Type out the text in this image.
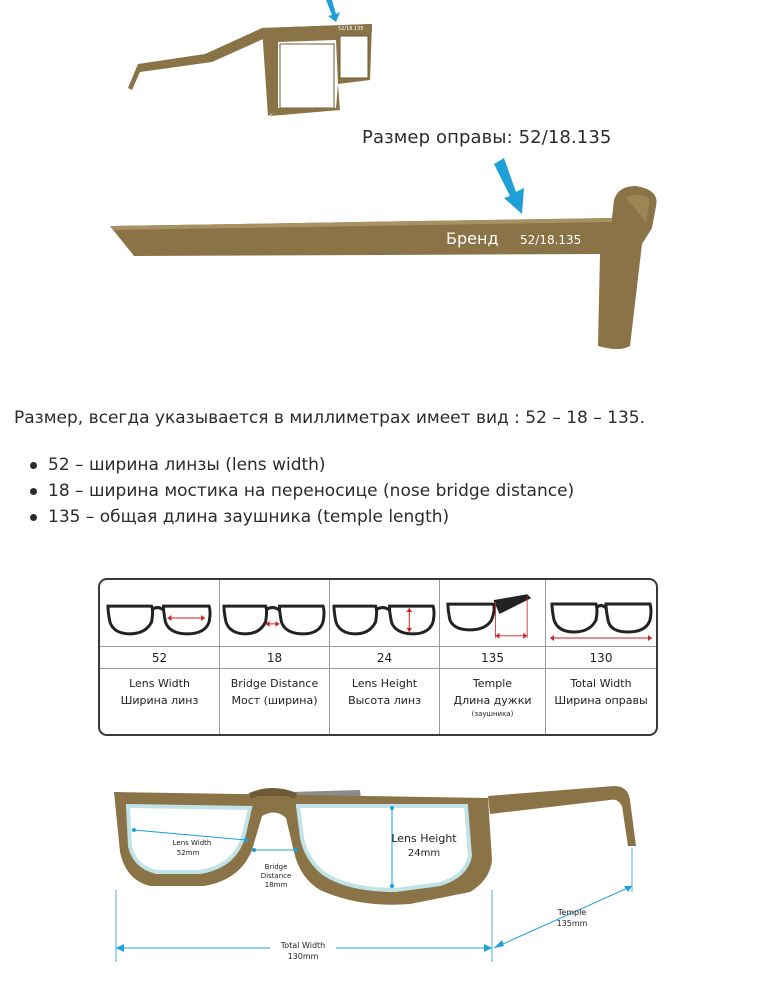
52/18.135
Бренд 52/18.135
Размер оправы: 52/18.135
Размер, всегда указывается в миллиметрах имеет вид : 52 – 18 – 135.
52 – ширина линзы (lens width)
18 – ширина мостика на переносице (nose bridge distance)
135 – общая длина заушника (temple length)
52
Lens Width
Ширина линз
18
Bridge Distance
Мост (ширина)
24
Lens Height
Высота линз
135
Temple
Длина дужки
(заушника)
130
Total Width
Ширина оправы
Lens Width
52mm
Bridge
Distance
18mm
Lens Height
24mm
Temple
135mm
Total Width
130mm
